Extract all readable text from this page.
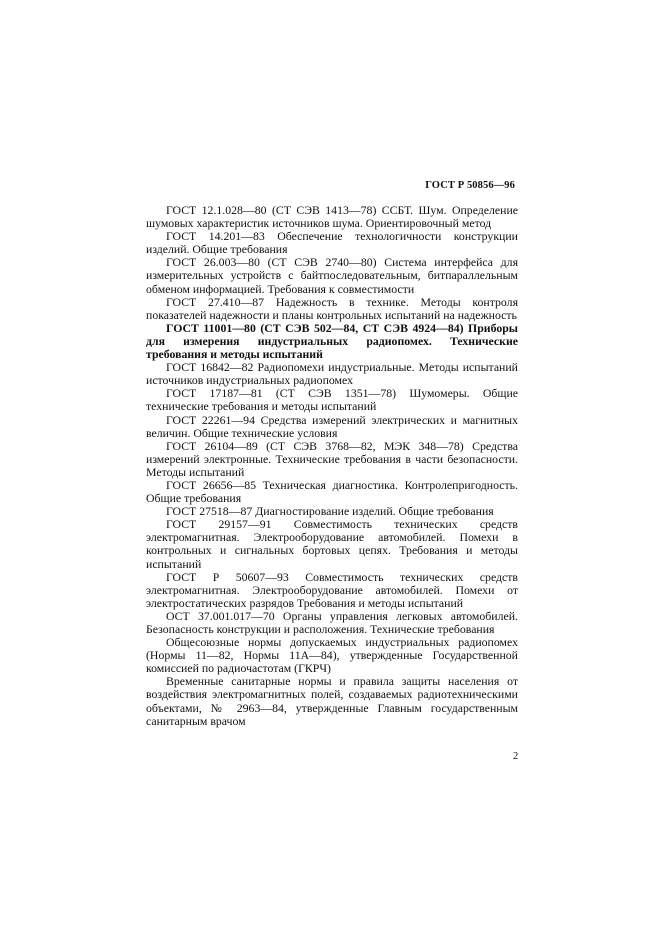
ГОСТ Р 50856—96

ГОСТ 12.1.028—80 (СТ СЭВ 1413—78) ССБТ. Шум. Определение шумовых характеристик источников шума. Ориентировочный метод

ГОСТ 14.201—83 Обеспечение технологичности конструкции изделий. Общие требования

ГОСТ 26.003—80 (СТ СЭВ 2740—80) Система интерфейса для измерительных устройств с байтпоследовательным, битпараллельным обменом информацией. Требования к совместимости

ГОСТ 27.410—87 Надежность в технике. Методы контроля показателей надежности и планы контрольных испытаний на надежность

ГОСТ 11001—80 (СТ СЭВ 502—84, СТ СЭВ 4924—84) Приборы для измерения индустриальных радиопомех. Технические требования и методы испытаний

ГОСТ 16842—82 Радиопомехи индустриальные. Методы испытаний источников индустриальных радиопомех

ГОСТ 17187—81 (СТ СЭВ 1351—78) Шумомеры. Общие технические требования и методы испытаний

ГОСТ 22261—94 Средства измерений электрических и магнитных величин. Общие технические условия

ГОСТ 26104—89 (СТ СЭВ 3768—82, МЭК 348—78) Средства измерений электронные. Технические требования в части безопасности. Методы испытаний

ГОСТ 26656—85 Техническая диагностика. Контролепригодность. Общие требования

ГОСТ 27518—87 Диагностирование изделий. Общие требования

ГОСТ 29157—91 Совместимость технических средств электромагнитная. Электрооборудование автомобилей. Помехи в контрольных и сигнальных бортовых цепях. Требования и методы испытаний

ГОСТ Р 50607—93 Совместимость технических средств электромагнитная. Электрооборудование автомобилей. Помехи от электростатических разрядов Требования и методы испытаний

ОСТ 37.001.017—70 Органы управления легковых автомобилей. Безопасность конструкции и расположения. Технические требования

Общесоюзные нормы допускаемых индустриальных радиопомех (Нормы 11—82, Нормы 11А—84), утвержденные Государственной комиссией по радиочастотам (ГКРЧ)

Временные санитарные нормы и правила защиты населения от воздействия электромагнитных полей, создаваемых радиотехническими объектами, № 2963—84, утвержденные Главным государственным санитарным врачом

2
